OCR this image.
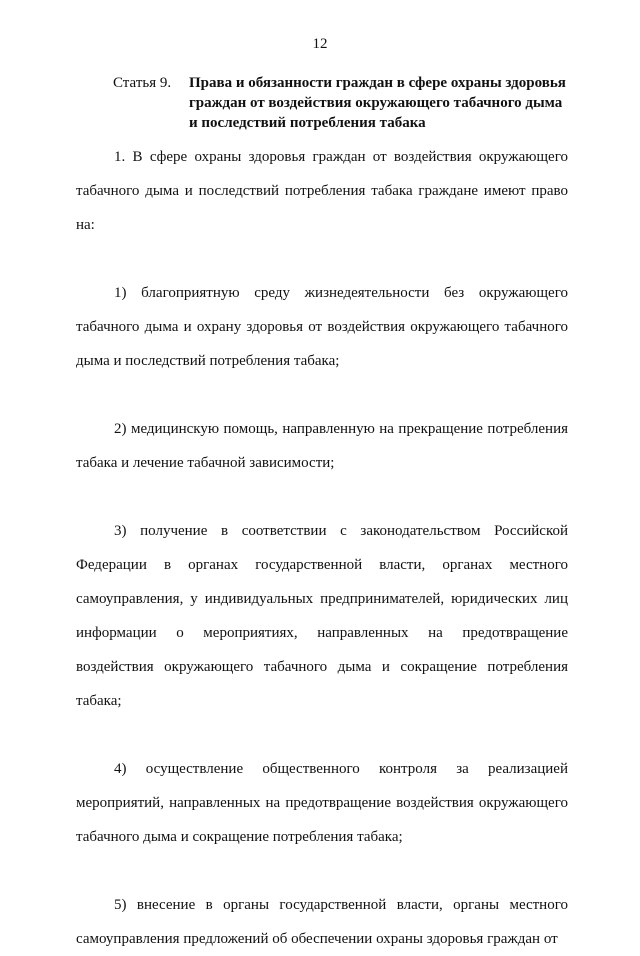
12
Статья 9.	Права и обязанности граждан в сфере охраны здоровья граждан от воздействия окружающего табачного дыма и последствий потребления табака

1. В сфере охраны здоровья граждан от воздействия окружающего табачного дыма и последствий потребления табака граждане имеют право на:

1) благоприятную среду жизнедеятельности без окружающего табачного дыма и охрану здоровья от воздействия окружающего табачного дыма и последствий потребления табака;

2) медицинскую помощь, направленную на прекращение потребления табака и лечение табачной зависимости;

3) получение в соответствии с законодательством Российской Федерации в органах государственной власти, органах местного самоуправления, у индивидуальных предпринимателей, юридических лиц информации о мероприятиях, направленных на предотвращение воздействия окружающего табачного дыма и сокращение потребления табака;

4) осуществление общественного контроля за реализацией мероприятий, направленных на предотвращение воздействия окружающего табачного дыма и сокращение потребления табака;

5) внесение в органы государственной власти, органы местного самоуправления предложений об обеспечении охраны здоровья граждан от
